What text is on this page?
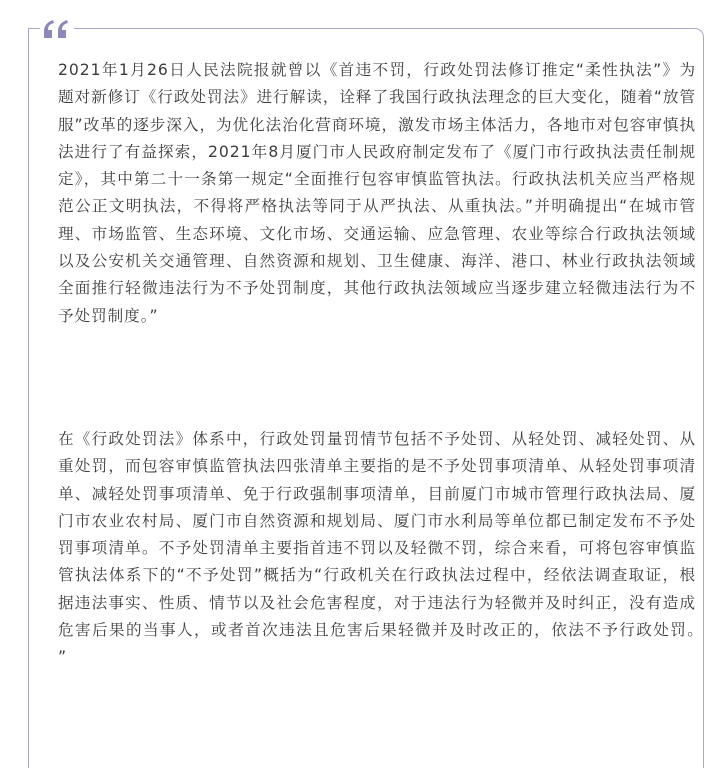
2021年1月26日人民法院报就曾以《首违不罚，行政处罚法修订推定“柔性执法”》为题对新修订《行政处罚法》进行解读，诠释了我国行政执法理念的巨大变化，随着“放管服”改革的逐步深入，为优化法治化营商环境，激发市场主体活力，各地市对包容审慎执法进行了有益探索，2021年8月厦门市人民政府制定发布了《厦门市行政执法责任制规定》，其中第二十一条第一规定“全面推行包容审慎监管执法。行政执法机关应当严格规范公正文明执法，不得将严格执法等同于从严执法、从重执法。”并明确提出“在城市管理、市场监管、生态环境、文化市场、交通运输、应急管理、农业等综合行政执法领域以及公安机关交通管理、自然资源和规划、卫生健康、海洋、港口、林业行政执法领域全面推行轻微违法行为不予处罚制度，其他行政执法领域应当逐步建立轻微违法行为不予处罚制度。”

在《行政处罚法》体系中，行政处罚量罚情节包括不予处罚、从轻处罚、减轻处罚、从重处罚，而包容审慎监管执法四张清单主要指的是不予处罚事项清单、从轻处罚事项清单、减轻处罚事项清单、免于行政强制事项清单，目前厦门市城市管理行政执法局、厦门市农业农村局、厦门市自然资源和规划局、厦门市水利局等单位都已制定发布不予处罚事项清单。不予处罚清单主要指首违不罚以及轻微不罚，综合来看，可将包容审慎监管执法体系下的“不予处罚”概括为“行政机关在行政执法过程中，经依法调查取证，根据违法事实、性质、情节以及社会危害程度，对于违法行为轻微并及时纠正，没有造成危害后果的当事人，或者首次违法且危害后果轻微并及时改正的，依法不予行政处罚。　”
